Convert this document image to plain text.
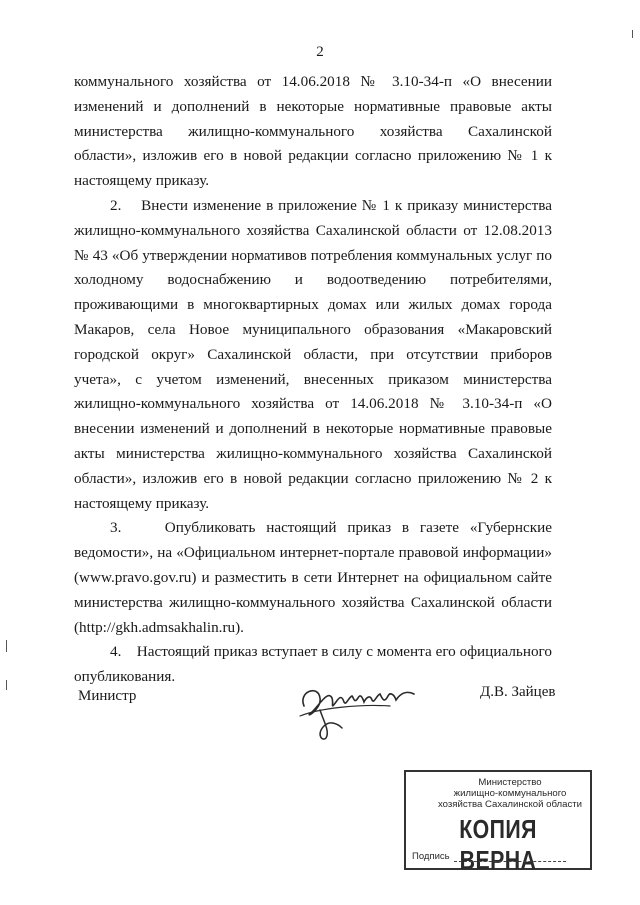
2

коммунального хозяйства от 14.06.2018 № 3.10-34-п «О внесении изменений и дополнений в некоторые нормативные правовые акты министерства жилищно-коммунального хозяйства Сахалинской области», изложив его в новой редакции согласно приложению № 1 к настоящему приказу.

2.    Внести изменение в приложение № 1 к приказу министерства жилищно-коммунального хозяйства Сахалинской области от 12.08.2013 № 43 «Об утверждении нормативов потребления коммунальных услуг по холодному водоснабжению и водоотведению потребителями, проживающими в многоквартирных домах или жилых домах города Макаров, села Новое муниципального образования «Макаровский городской округ» Сахалинской области, при отсутствии приборов учета», с учетом изменений, внесенных приказом министерства жилищно-коммунального хозяйства от 14.06.2018 № 3.10-34-п «О внесении изменений и дополнений в некоторые нормативные правовые акты министерства жилищно-коммунального хозяйства Сахалинской области», изложив его в новой редакции согласно приложению № 2 к настоящему приказу.

3.    Опубликовать настоящий приказ в газете «Губернские ведомости», на «Официальном интернет-портале правовой информации» (www.pravo.gov.ru) и разместить в сети Интернет на официальном сайте министерства жилищно-коммунального хозяйства Сахалинской области (http://gkh.admsakhalin.ru).

4.    Настоящий приказ вступает в силу с момента его официального опубликования.

Министр	Д.В. Зайцев
Министерство
жилищно-коммунального
хозяйства Сахалинской области
КОПИЯ ВЕРНА
Подпись
